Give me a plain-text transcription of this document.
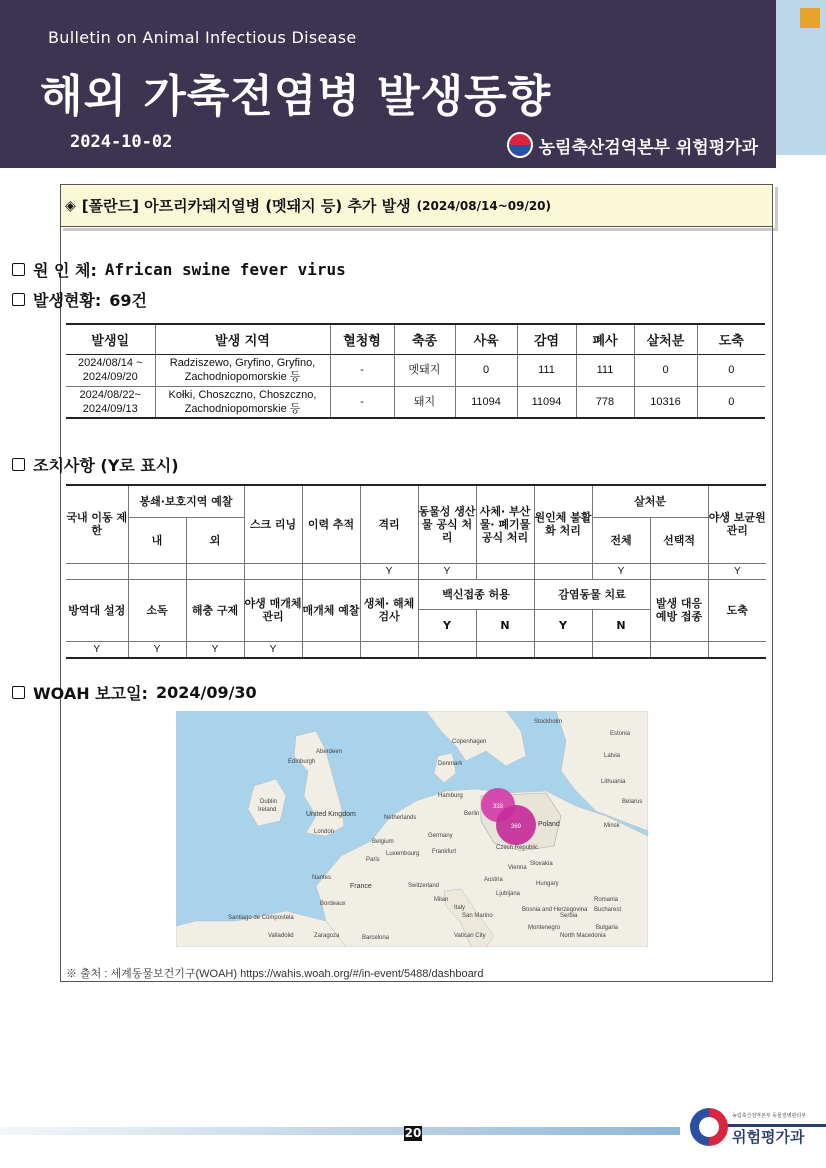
Bulletin on Animal Infectious Disease
해외 가축전염병 발생동향
2024-10-02	농림축산검역본부 위험평가과
◈ [폴란드] 아프리카돼지열병 (멧돼지 등) 추가 발생 (2024/08/14~09/20)
원 인 체: African swine fever virus
발생현황: 69건
발생일	발생 지역	혈청형	축종	사육	감염	폐사	살처분	도축
2024/08/14 ~
2024/09/20	Radziszewo, Gryfino, Gryfino,
Zachodniopomorskie 등	-	멧돼지	0	111	111	0	0
2024/08/22~
2024/09/13	Kołki, Choszczno, Choszczno,
Zachodniopomorskie 등	-	돼지	11094	11094	778	10316	0
조치사항 (Y로 표시)
국내 이동 제한	봉쇄·보호지역 예찰		스크 리닝	이력 추적	격리	동물성 생산물 공식 처리	사체· 부산물· 폐기물 공식 처리	원인체 불활화 처리	살처분		야생 보균원 관리
	내	외							전체	선택적	
					Y	Y			Y		Y
방역대 설정	소독	해충 구제	야생 매개체 관리	매개체 예찰	생체· 해체 검사	백신접종 허용		감염동물 치료		발생 대응 예방 접종	도축
						Y	N	Y	N		
Y	Y	Y	Y								
WOAH 보고일: 2024/09/30
333
369
Stockholm
Estonia
Latvia
Lithuania
Denmark
Copenhagen
Edinburgh
Aberdeen
United Kingdom
London
Dublin
Ireland
Netherlands
Berlin
Poland
Belarus
Germany
Frankfurt
Belgium
Luxembourg
Paris
Czech Republic
Slovakia
Vienna
Austria
Hungary
Switzerland
France
Nantes
Bordeaux
Italy
Romania
Bucharest
Serbia
Bulgaria
Barcelona
Zaragoza
Valladolid
Santiago de Compostela
Ljubljana
Milan
San Marino
Bosnia and Herzegovina
Montenegro
North Macedonia
Vatican City
Hamburg
Minsk
※ 출처 : 세계동물보건기구(WOAH) https://wahis.woah.org/#/in-event/5488/dashboard
20
농림축산검역본부 동물질병관리부
위험평가과
